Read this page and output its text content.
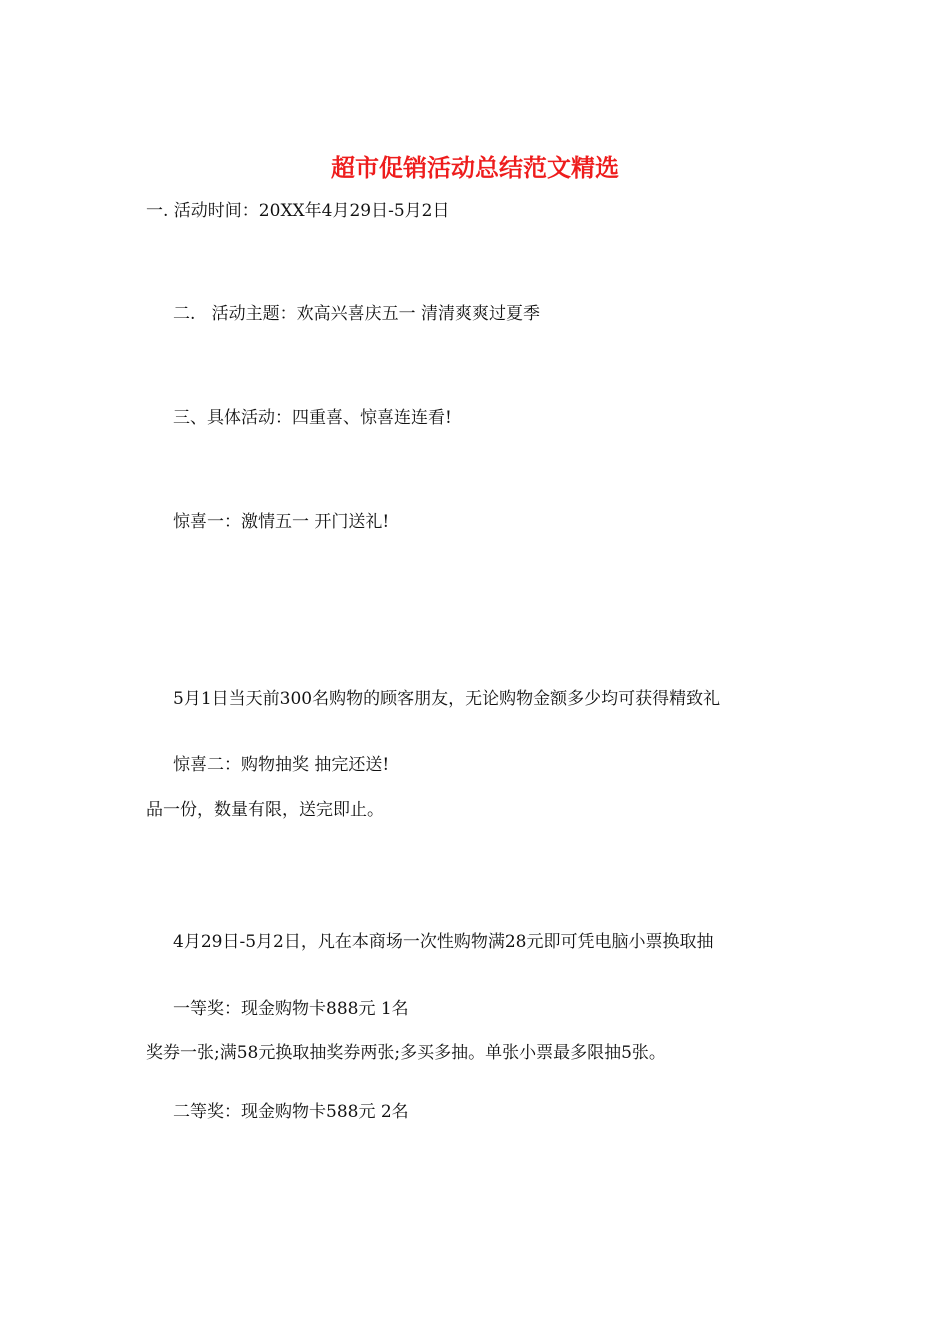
超市促销活动总结范文精选

一. 活动时间：20XX年4月29日-5月2日

二.   活动主题：欢高兴喜庆五一 清清爽爽过夏季

三、具体活动：四重喜、惊喜连连看!

惊喜一：激情五一 开门送礼!

5月1日当天前300名购物的顾客朋友，无论购物金额多少均可获得精致礼

品一份，数量有限，送完即止。

惊喜二：购物抽奖 抽完还送!

4月29日-5月2日，凡在本商场一次性购物满28元即可凭电脑小票换取抽

奖券一张;满58元换取抽奖券两张;多买多抽。单张小票最多限抽5张。

一等奖：现金购物卡888元 1名

二等奖：现金购物卡588元 2名
